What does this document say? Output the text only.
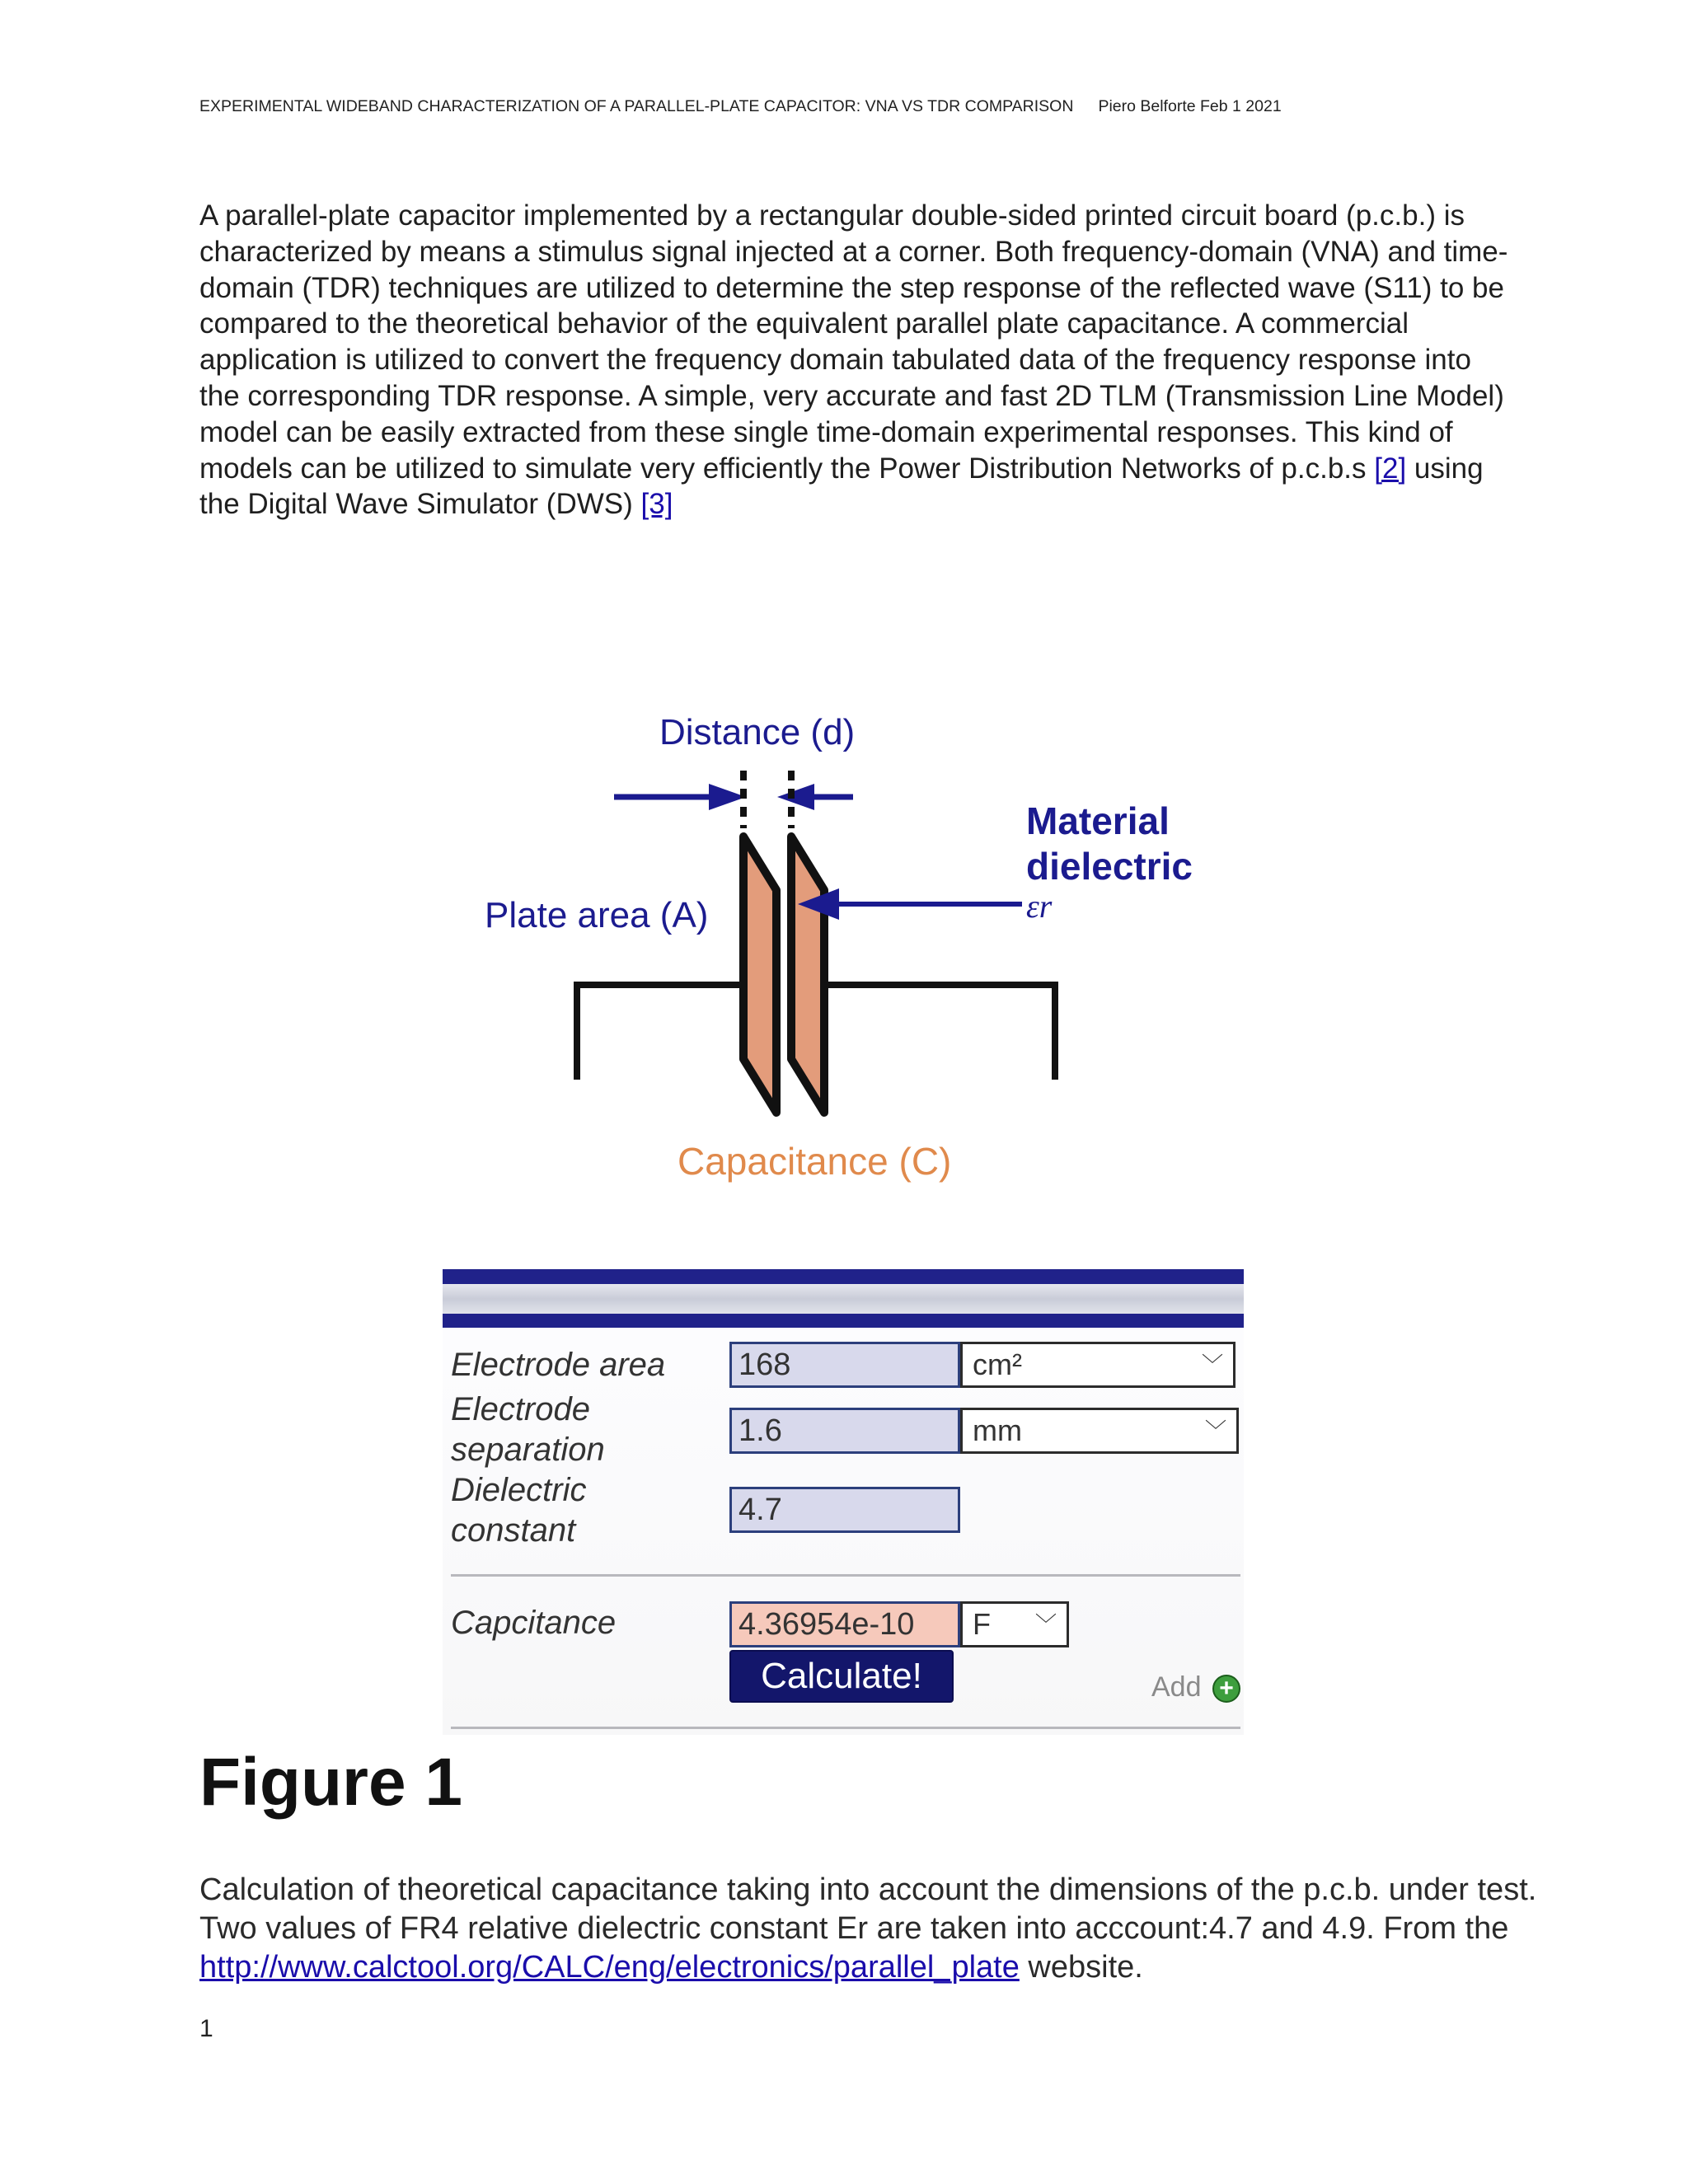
EXPERIMENTAL WIDEBAND CHARACTERIZATION OF A PARALLEL-PLATE CAPACITOR: VNA VS TDR COMPARISON Piero Belforte Feb 1 2021

A parallel-plate capacitor implemented by a rectangular double-sided printed circuit board (p.c.b.) is characterized by means a stimulus signal injected at a corner. Both frequency-domain (VNA) and time-domain (TDR) techniques are utilized to determine the step response of the reflected wave (S11) to be compared to the theoretical behavior of the equivalent parallel plate capacitance. A commercial application is utilized to convert the frequency domain tabulated data of the frequency response into the corresponding TDR response. A simple, very accurate and fast 2D TLM (Transmission Line Model) model can be easily extracted from these single time-domain experimental responses. This kind of models can be utilized to simulate very efficiently the Power Distribution Networks of p.c.b.s [2] using the Digital Wave Simulator (DWS) [3]

Distance (d)
Material
dielectric
εr
Plate area (A)
Capacitance (C)
Electrode area 168	cm²	﹀
Electrode
separation
1.6	mm	﹀
Dielectric
constant
4.7
Capcitance	4.36954e-10	F ﹀
Calculate!	Add +
Figure 1

Calculation of theoretical capacitance taking into account the dimensions of the p.c.b. under test. Two values of FR4 relative dielectric constant Er are taken into acccount:4.7 and 4.9. From the http://www.calctool.org/CALC/eng/electronics/parallel_plate website.

1
